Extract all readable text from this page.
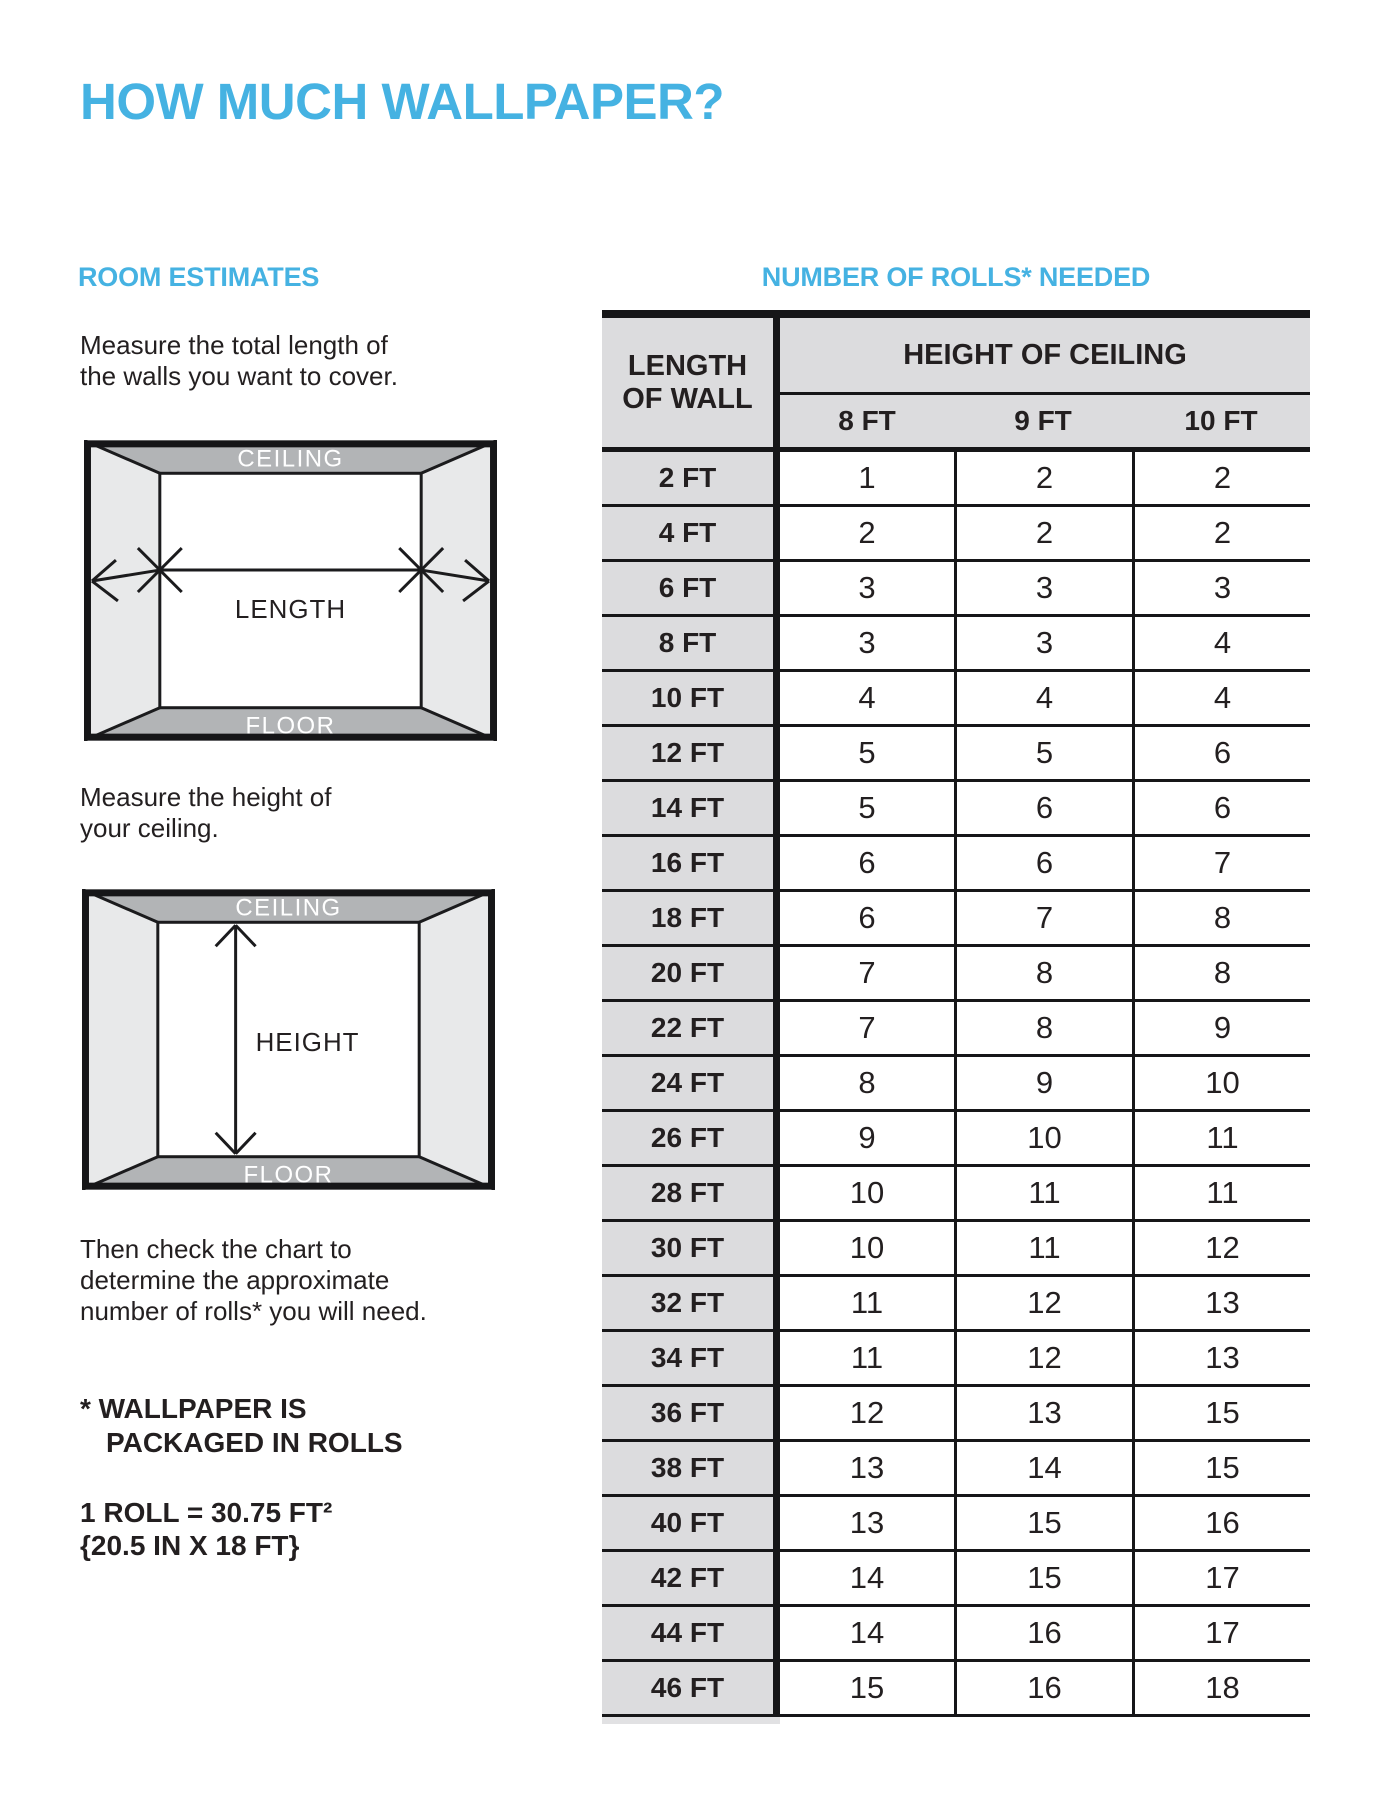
HOW MUCH WALLPAPER?
ROOM ESTIMATES
Measure the total length of
the walls you want to cover.
CEILING
FLOOR
LENGTH
Measure the height of
your ceiling.
CEILING
FLOOR
HEIGHT
Then check the chart to
determine the approximate
number of rolls* you will need.
* WALLPAPER IS
PACKAGED IN ROLLS
1 ROLL = 30.75 FT²
{20.5 IN X 18 FT}
NUMBER OF ROLLS* NEEDED
LENGTH
OF WALL
HEIGHT OF CEILING
8 FT	9 FT	10 FT
2 FT	1	2	2
4 FT	2	2	2
6 FT	3	3	3
8 FT	3	3	4
10 FT	4	4	4
12 FT	5	5	6
14 FT	5	6	6
16 FT	6	6	7
18 FT	6	7	8
20 FT	7	8	8
22 FT	7	8	9
24 FT	8	9	10
26 FT	9	10	11
28 FT	10	11	11
30 FT	10	11	12
32 FT	11	12	13
34 FT	11	12	13
36 FT	12	13	15
38 FT	13	14	15
40 FT	13	15	16
42 FT	14	15	17
44 FT	14	16	17
46 FT	15	16	18
